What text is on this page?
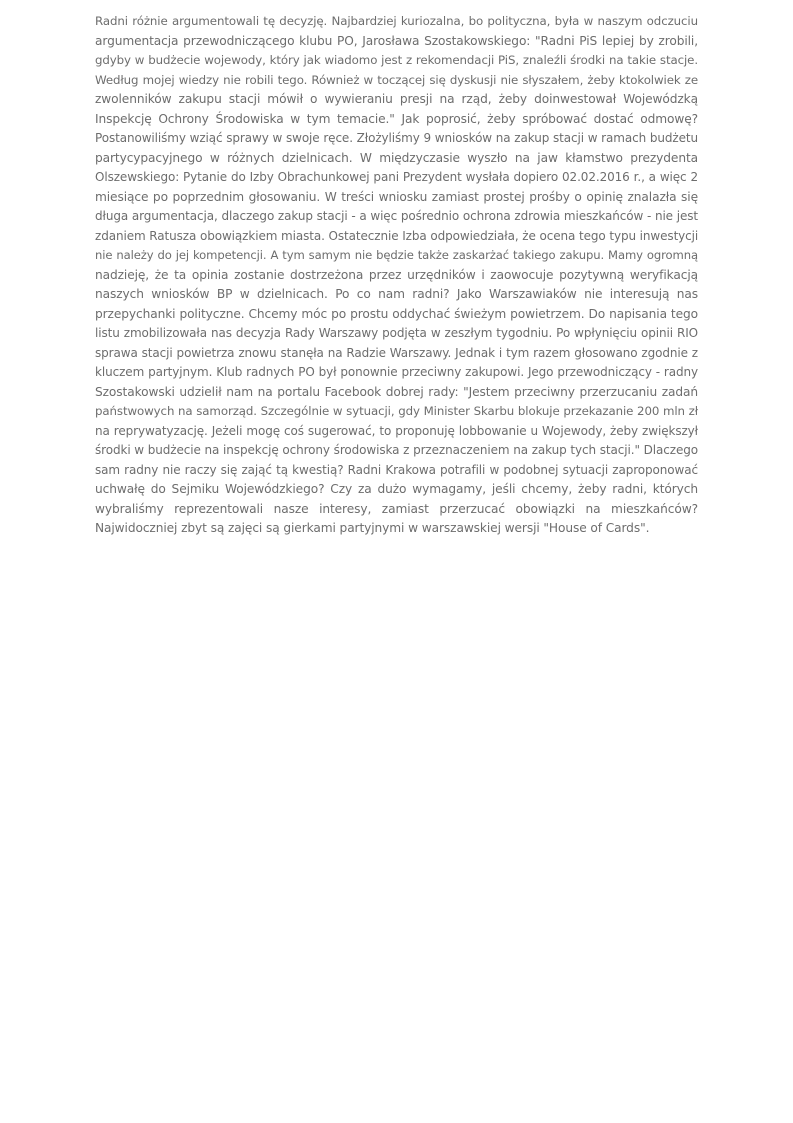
Radni różnie argumentowali tę decyzję. Najbardziej kuriozalna, bo polityczna, była w naszym odczuciu
argumentacja przewodniczącego klubu PO, Jarosława Szostakowskiego: "Radni PiS lepiej by zrobili,
gdyby w budżecie wojewody, który jak wiadomo jest z rekomendacji PiS, znaleźli środki na takie stacje.
Według mojej wiedzy nie robili tego. Również w toczącej się dyskusji nie słyszałem, żeby ktokolwiek ze
zwolenników zakupu stacji mówił o wywieraniu presji na rząd, żeby doinwestował Wojewódzką
Inspekcję Ochrony Środowiska w tym temacie." Jak poprosić, żeby spróbować dostać odmowę?
Postanowiliśmy wziąć sprawy w swoje ręce. Złożyliśmy 9 wniosków na zakup stacji w ramach budżetu
partycypacyjnego w różnych dzielnicach. W międzyczasie wyszło na jaw kłamstwo prezydenta
Olszewskiego: Pytanie do Izby Obrachunkowej pani Prezydent wysłała dopiero 02.02.2016 r., a więc 2
miesiące po poprzednim głosowaniu. W treści wniosku zamiast prostej prośby o opinię znalazła się
długa argumentacja, dlaczego zakup stacji - a więc pośrednio ochrona zdrowia mieszkańców - nie jest
zdaniem Ratusza obowiązkiem miasta. Ostatecznie Izba odpowiedziała, że ocena tego typu inwestycji
nie należy do jej kompetencji. A tym samym nie będzie także zaskarżać takiego zakupu. Mamy ogromną
nadzieję, że ta opinia zostanie dostrzeżona przez urzędników i zaowocuje pozytywną weryfikacją
naszych wniosków BP w dzielnicach. Po co nam radni? Jako Warszawiaków nie interesują nas
przepychanki polityczne. Chcemy móc po prostu oddychać świeżym powietrzem. Do napisania tego
listu zmobilizowała nas decyzja Rady Warszawy podjęta w zeszłym tygodniu. Po wpłynięciu opinii RIO
sprawa stacji powietrza znowu stanęła na Radzie Warszawy. Jednak i tym razem głosowano zgodnie z
kluczem partyjnym. Klub radnych PO był ponownie przeciwny zakupowi. Jego przewodniczący - radny
Szostakowski udzielił nam na portalu Facebook dobrej rady: "Jestem przeciwny przerzucaniu zadań
państwowych na samorząd. Szczególnie w sytuacji, gdy Minister Skarbu blokuje przekazanie 200 mln zł
na reprywatyzację. Jeżeli mogę coś sugerować, to proponuję lobbowanie u Wojewody, żeby zwiększył
środki w budżecie na inspekcję ochrony środowiska z przeznaczeniem na zakup tych stacji." Dlaczego
sam radny nie raczy się zająć tą kwestią? Radni Krakowa potrafili w podobnej sytuacji zaproponować
uchwałę do Sejmiku Wojewódzkiego? Czy za dużo wymagamy, jeśli chcemy, żeby radni, których
wybraliśmy reprezentowali nasze interesy, zamiast przerzucać obowiązki na mieszkańców?
Najwidoczniej zbyt są zajęci są gierkami partyjnymi w warszawskiej wersji "House of Cards".
